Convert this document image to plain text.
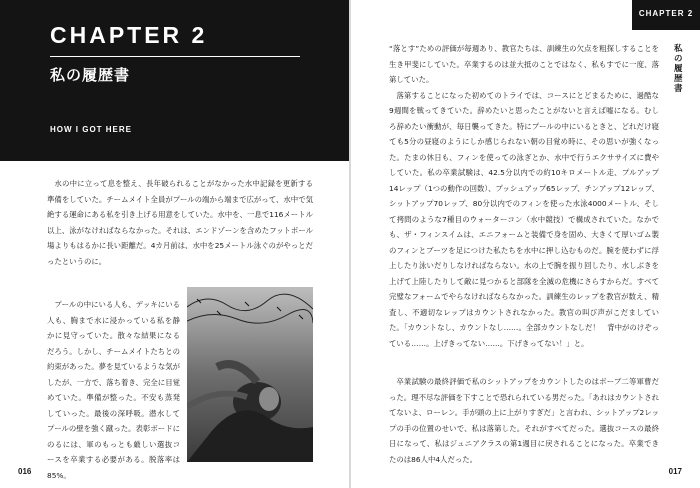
CHAPTER 2
私の履歴書
HOW I GOT HERE

水の中に立って息を整え、長年破られることがなかった水中記録を更新する準備をしていた。チームメイト全員がプールの端から端まで広がって、水中で気絶する運命にある私を引き上げる用意をしていた。水中を、一息で116メートル以上、泳がなければならなかった。それは、エンドゾーンを含めたフットボール場よりもはるかに長い距離だ。4カ月前は、水中を25メートル泳ぐのがやっとだったというのに。

プールの中にいる人も、デッキにいる人も、胸まで水に浸かっている私を静かに見守っていた。散々な結果になるだろう。しかし、チームメイトたちとの約束があった。夢を見ているような気がしたが、一方で、落ち着き、完全に目覚めていた。準備が整った。不安も蒸発していった。最後の深呼吸。潜水してプールの壁を強く蹴った。表彰ボードにのるには、軍のもっとも厳しい選抜コースを卒業する必要がある。脱落率は85%。

016
CHAPTER 2
私の履歴書

“落とす”ための評価が毎週あり、教官たちは、訓練生の欠点を粗探しすることを生き甲斐にしていた。卒業するのは並大抵のことではなく、私もすでに一度、落第していた。

落第することになった初めてのトライでは、コースにとどまるために、過酷な9週間を戦ってきていた。辞めたいと思ったことがないと言えば嘘になる。むしろ辞めたい衝動が、毎日襲ってきた。特にプールの中にいるときと、どれだけ寝ても5分の昼寝のようにしか感じられない朝の目覚め時に、その思いが強くなった。たまの休日も、フィンを使っての泳ぎとか、水中で行うエクササイズに費やしていた。私の卒業試験は、42.5分以内での約10キロメートル走、プルアップ14レップ（1つの動作の回数）、プッシュアップ65レップ、チンアップ12レップ、シットアップ70レップ、80分以内でのフィンを使った水泳4000メートル、そして拷問のような7種目のウォーターコン（水中競技）で構成されていた。なかでも、ザ・フィンスイムは、エニフォームと装備で身を固め、大きくて厚いゴム製のフィンとブーツを足につけた私たちを水中に押し込むものだ。腕を使わずに浮上したり泳いだりしなければならない。水の上で腕を振り回したり、水しぶきを上げて上陸したりして敵に見つかると部隊を全滅の危機にさらすからだ。すべて完璧なフォームでやらなければならなかった。訓練生のレップを教官が数え、精査し、不適切なレップはカウントされなかった。教官の叫び声がこだましていた。「カウントなし、カウントなし……。全部カウントなしだ！　背中がのけぞっている……。上げきってない……。下げきってない！」と。

卒業試験の最終評価で私のシットアップをカウントしたのはボーブ二等軍曹だった。理不尽な評価を下すことで恐れられている男だった。「あれはカウントされてないよ、ローレン。手が頭の上に上がりすぎだ」と言われ、シットアップ2レップの手の位置のせいで、私は落第した。それがすべてだった。選抜コースの最終日になって、私はジュニアクラスの第1週目に戻されることになった。卒業できたのは86人中4人だった。

017
